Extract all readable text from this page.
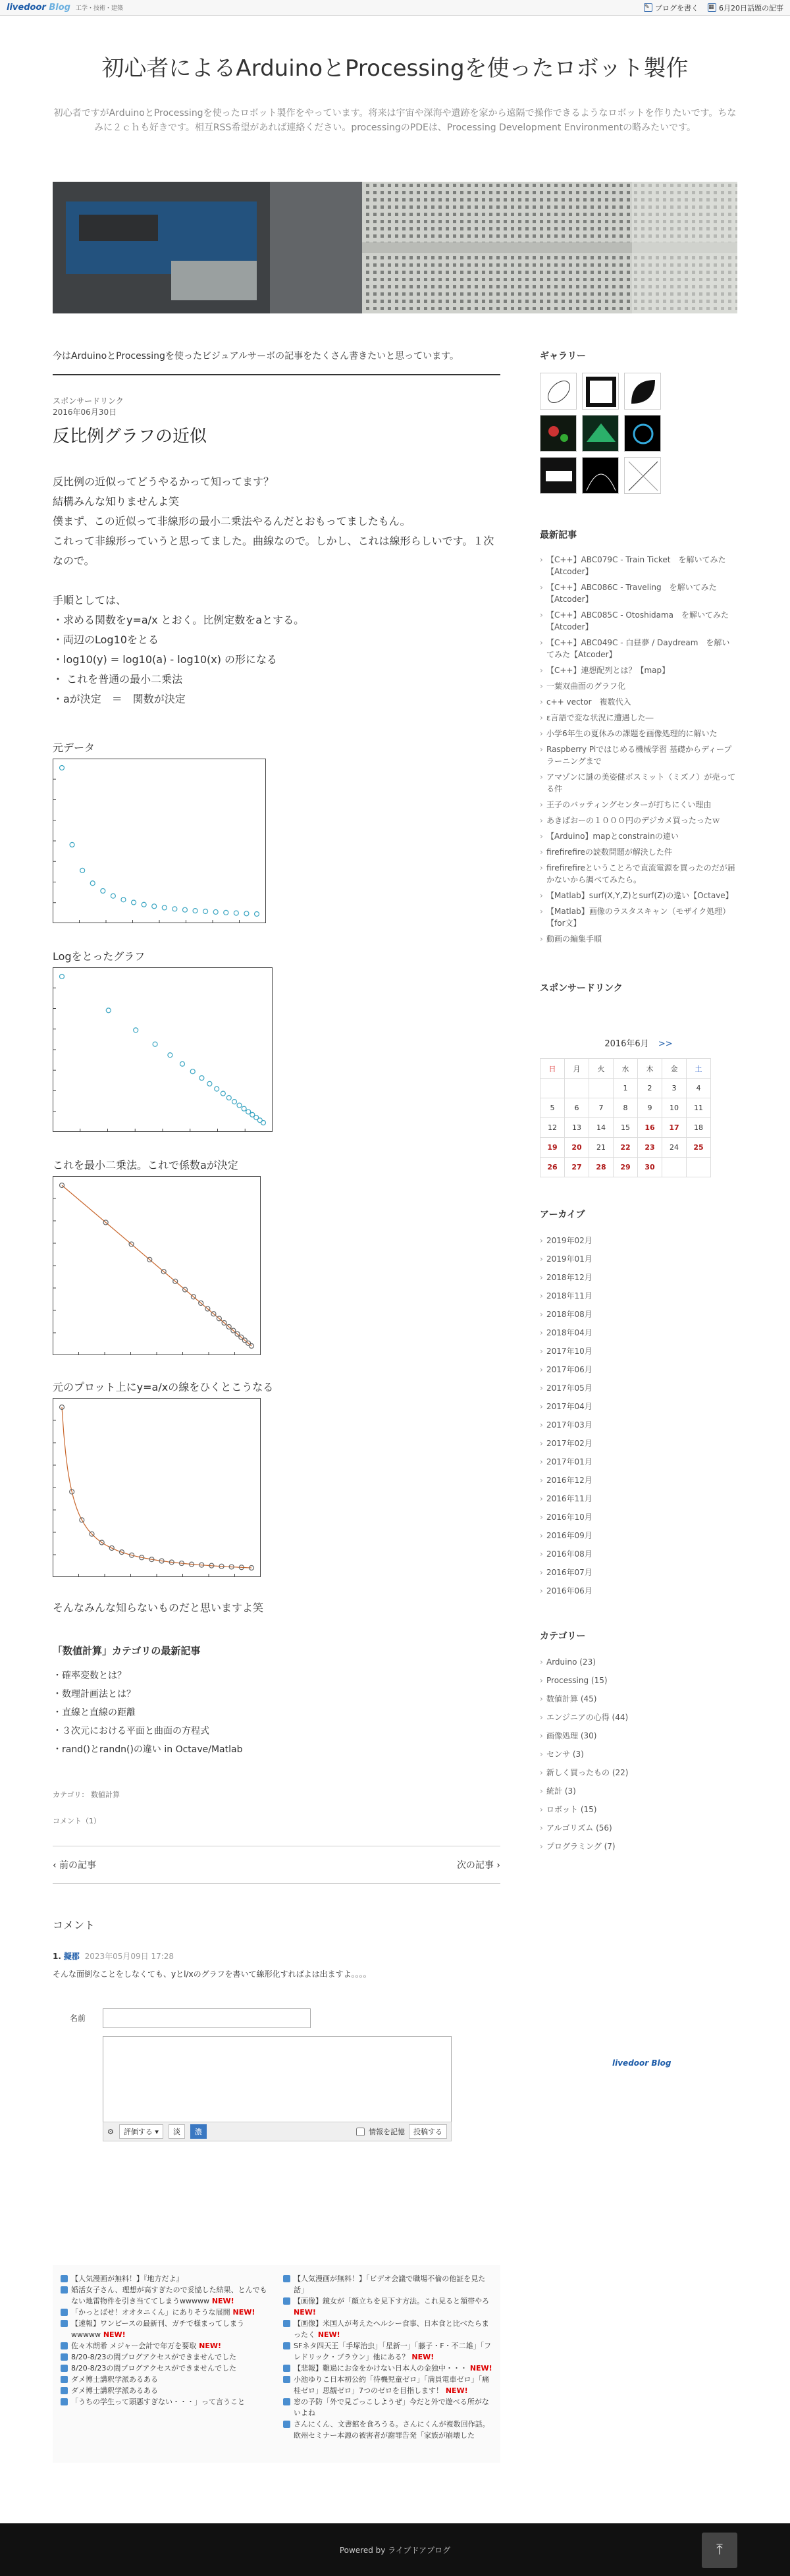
livedoor Blog 工学・技術・建築	✎ ブログを書く ▦ 6月20日話題の記事
初心者によるArduinoとProcessingを使ったロボット製作

初心者ですがArduinoとProcessingを使ったロボット製作をやっています。将来は宇宙や深海や遺跡を家から遠隔で操作できるようなロボットを作りたいです。ちなみに２ｃｈも好きです。相互RSS希望があれば連絡ください。processingのPDEは、Processing Development Environmentの略みたいです。

今はArduinoとProcessingを使ったビジュアルサーボの記事をたくさん書きたいと思っています。
スポンサードリンク
2016年06月30日
反比例グラフの近似
反比例の近似ってどうやるかって知ってます？
結構みんな知りませんよ笑
僕まず、この近似って非線形の最小二乗法やるんだとおもってましたもん。
これって非線形っていうと思ってました。曲線なので。しかし、これは線形らしいです。１次なので。
手順としては、
・求める関数をy=a/x とおく。比例定数をaとする。
・両辺のLog10をとる
・log10(y) = log10(a) - log10(x) の形になる
・ これを普通の最小二乗法
・aが決定　＝　関数が決定
元データ
Logをとったグラフ
これを最小二乗法。これで係数aが決定
元のプロット上にy=a/xの線をひくとこうなる
そんなみんな知らないものだと思いますよ笑
「数値計算」カテゴリの最新記事
・ 確率変数とは？
・ 数理計画法とは？
・ 直線と直線の距離
・ ３次元における平面と曲面の方程式
・ rand()とrandn()の違い in Octave/Matlab
カテゴリ： 数値計算
コメント（1）
‹ 前の記事	次の記事 ›
コメント
1. 擬郡 2023年05月09日 17:28

そんな面倒なことをしなくても、yとl/xのグラフを書いて線形化すればよは出ますよ。。。。

名前
⚙	評価する ▾	淡	濃	情報を記憶	投稿する
livedoor Blog
ギャラリー
最新記事
› 【C++】ABC079C - Train Ticket　を解いてみた【Atcoder】
› 【C++】ABC086C - Traveling　を解いてみた【Atcoder】
› 【C++】ABC085C - Otoshidama　を解いてみた【Atcoder】
› 【C++】ABC049C - 白昼夢 / Daydream　を解いてみた【Atcoder】
› 【C++】連想配列とは？【map】
› 一葉双曲面のグラフ化
› c++ vector　複数代入
› ε言語で変な状況に遭遇した―
› 小学6年生の夏休みの課題を画像処理的に解いた
› Raspberry Piではじめる機械学習 基礎からディープラーニングまで
› アマゾンに謎の美姿健ボスミット（ミズノ）が売ってる件
› 王子のバッティングセンターが打ちにくい理由
› あきばおーの１０００円のデジカメ買ったったｗ
› 【Arduino】mapとconstrainの違い
› firefirefireの読数問題が解決した件
› firefirefireということろで直流電源を買ったのだが届かないから調べてみたら。
› 【Matlab】surf(X,Y,Z)とsurf(Z)の違い【Octave】
› 【Matlab】画像のラスタスキャン（モザイク処理）【for文】
› 動画の編集手順
スポンサードリンク
2016年6月 >>
日	月	火	水	木	金	土
			1	2	3	4
5	6	7	8	9	10	11
12	13	14	15	16	17	18
19	20	21	22	23	24	25
26	27	28	29	30		
アーカイブ
› 2019年02月
› 2019年01月
› 2018年12月
› 2018年11月
› 2018年08月
› 2018年04月
› 2017年10月
› 2017年06月
› 2017年05月
› 2017年04月
› 2017年03月
› 2017年02月
› 2017年01月
› 2016年12月
› 2016年11月
› 2016年10月
› 2016年09月
› 2016年08月
› 2016年07月
› 2016年06月
カテゴリー
› Arduino (23)
› Processing (15)
› 数値計算 (45)
› エンジニアの心得 (44)
› 画像処理 (30)
› センサ (3)
› 新しく買ったもの (22)
› 統計 (3)
› ロボット (15)
› アルゴリズム (56)
› プログラミング (7)
【人気漫画が無料！】『地方だよ』
婚活女子さん、理想が高すぎたので妥協した結果、とんでもない地雷物件を引き当ててしまうwwwww NEW!
「かっとばせ！オオタニくん」にありそうな展開 NEW!
【速報】ワンピースの最新刊、ガチで様まってしまうwwwww NEW!
佐々木朗希 メジャー会計で年万を要取 NEW!
8/20-8/23の間ブログアクセスができませんでした
8/20-8/23の間ブログアクセスができませんでした
ダメ博士講釈学派あるある
ダメ博士講釈学派あるある
「うちの学生って頭悪すぎない・・・」って言うこと
【人気漫画が無料！】「ビデオ会議で職場不倫の他証を見た話」
【画像】鏡女が「顔立ちを見下す方法。これ見ると頷帯やろ NEW!
【画像】米国人が考えたヘルシー食事、日本食と比べたらまったく NEW!
SFネタ四天王「手塚治虫」「星新一」「藤子・F・不二雄」「フレドリック・ブラウン」他にある？ NEW!
【悲報】難過にお金をかけない日本人の金独中・・・ NEW!
小池ゆりこ日本初公約「待機児童ゼロ」「満員電車ゼロ」「痛桂ゼロ」思観ゼロ」7つのゼロを目指します！ NEW!
窓の予防「外で見ごっこしようぜ」今だと外で遊べる所がないよね
さんにくん、文書館を食ろうる。さんにくんが複数回作話。欧州セミナー本源の被害者が謝罪告発「家族が崩壊した
Powered by ライブドアブログ	⤒
